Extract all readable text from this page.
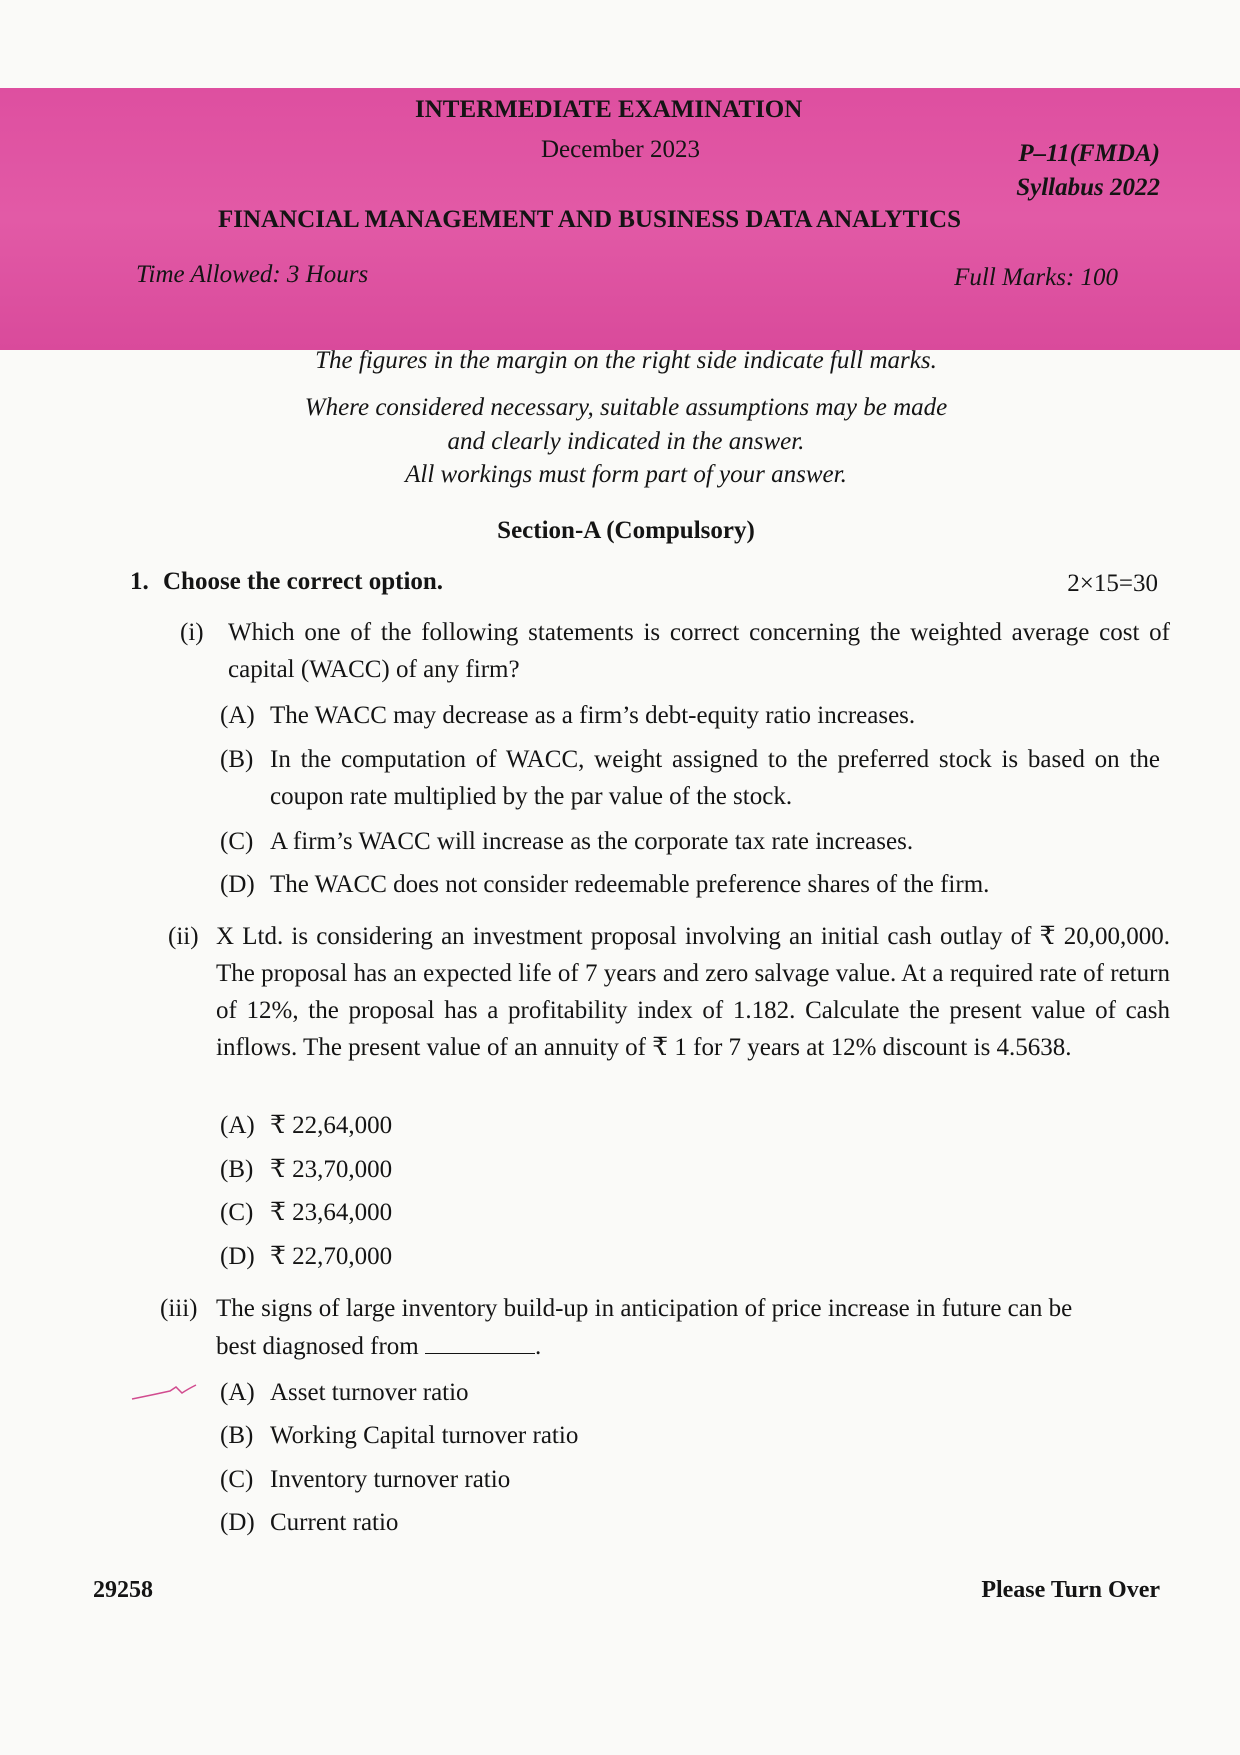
INTERMEDIATE EXAMINATION
December 2023	P–11(FMDA)
Syllabus 2022
FINANCIAL MANAGEMENT AND BUSINESS DATA ANALYTICS
Time Allowed: 3 Hours	Full Marks: 100
The figures in the margin on the right side indicate full marks.
Where considered necessary, suitable assumptions may be made
and clearly indicated in the answer.
All workings must form part of your answer.
Section-A (Compulsory)
1. Choose the correct option.	2×15=30
(i) Which one of the following statements is correct concerning the weighted average cost of capital (WACC) of any firm?
(A) The WACC may decrease as a firm’s debt-equity ratio increases.
(B) In the computation of WACC, weight assigned to the preferred stock is based on the coupon rate multiplied by the par value of the stock.
(C) A firm’s WACC will increase as the corporate tax rate increases.
(D) The WACC does not consider redeemable preference shares of the firm.
(ii) X Ltd. is considering an investment proposal involving an initial cash outlay of ₹ 20,00,000. The proposal has an expected life of 7 years and zero salvage value. At a required rate of return of 12%, the proposal has a profitability index of 1.182. Calculate the present value of cash inflows. The present value of an annuity of ₹ 1 for 7 years at 12% discount is 4.5638.
(A) ₹ 22,64,000
(B) ₹ 23,70,000
(C) ₹ 23,64,000
(D) ₹ 22,70,000
(iii) The signs of large inventory build-up in anticipation of price increase in future can be
best diagnosed from	.
(A) Asset turnover ratio
(B) Working Capital turnover ratio
(C) Inventory turnover ratio
(D) Current ratio
29258	Please Turn Over
